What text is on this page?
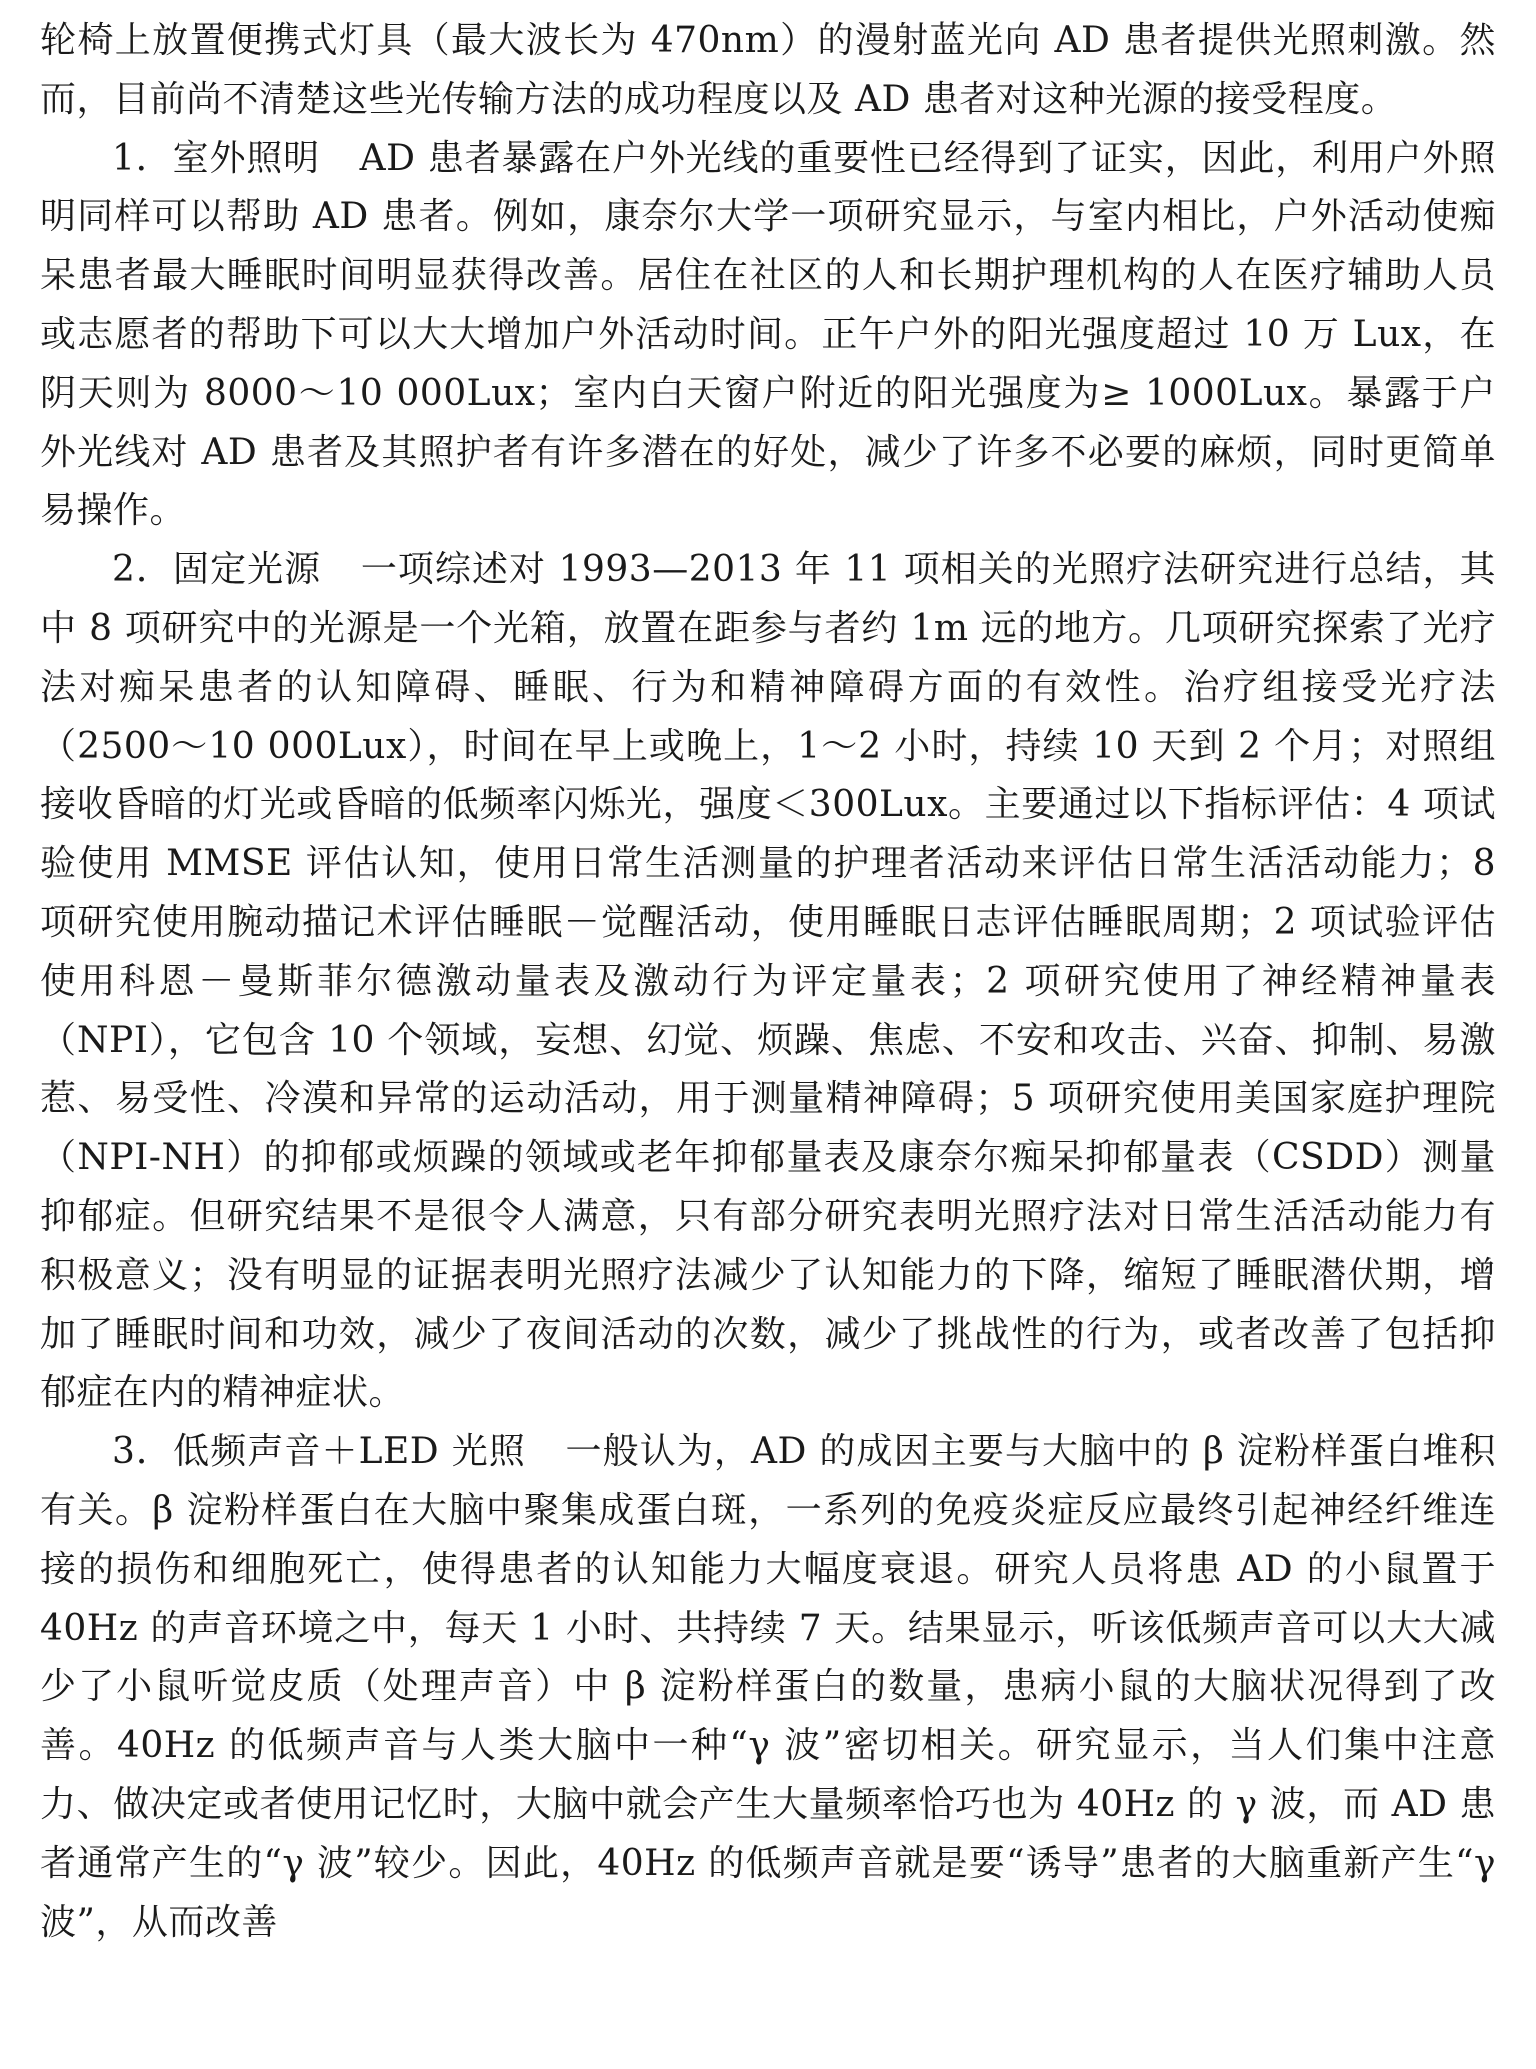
轮椅上放置便携式灯具（最大波长为 470nm）的漫射蓝光向 AD 患者提供光照刺激。然而，目前尚不清楚这些光传输方法的成功程度以及 AD 患者对这种光源的接受程度。

1．室外照明 AD 患者暴露在户外光线的重要性已经得到了证实，因此，利用户外照明同样可以帮助 AD 患者。例如，康奈尔大学一项研究显示，与室内相比，户外活动使痴呆患者最大睡眠时间明显获得改善。居住在社区的人和长期护理机构的人在医疗辅助人员或志愿者的帮助下可以大大增加户外活动时间。正午户外的阳光强度超过 10 万 Lux，在阴天则为 8000～10 000Lux；室内白天窗户附近的阳光强度为≥ 1000Lux。暴露于户外光线对 AD 患者及其照护者有许多潜在的好处，减少了许多不必要的麻烦，同时更简单易操作。

2．固定光源 一项综述对 1993—2013 年 11 项相关的光照疗法研究进行总结，其中 8 项研究中的光源是一个光箱，放置在距参与者约 1m 远的地方。几项研究探索了光疗法对痴呆患者的认知障碍、睡眠、行为和精神障碍方面的有效性。治疗组接受光疗法（2500～10 000Lux），时间在早上或晚上，1～2 小时，持续 10 天到 2 个月；对照组接收昏暗的灯光或昏暗的低频率闪烁光，强度＜300Lux。主要通过以下指标评估：4 项试验使用 MMSE 评估认知，使用日常生活测量的护理者活动来评估日常生活活动能力；8 项研究使用腕动描记术评估睡眠－觉醒活动，使用睡眠日志评估睡眠周期；2 项试验评估使用科恩－曼斯菲尔德激动量表及激动行为评定量表；2 项研究使用了神经精神量表（NPI），它包含 10 个领域，妄想、幻觉、烦躁、焦虑、不安和攻击、兴奋、抑制、易激惹、易受性、冷漠和异常的运动活动，用于测量精神障碍；5 项研究使用美国家庭护理院（NPI-NH）的抑郁或烦躁的领域或老年抑郁量表及康奈尔痴呆抑郁量表（CSDD）测量抑郁症。但研究结果不是很令人满意，只有部分研究表明光照疗法对日常生活活动能力有积极意义；没有明显的证据表明光照疗法减少了认知能力的下降，缩短了睡眠潜伏期，增加了睡眠时间和功效，减少了夜间活动的次数，减少了挑战性的行为，或者改善了包括抑郁症在内的精神症状。

3．低频声音＋LED 光照 一般认为，AD 的成因主要与大脑中的 β 淀粉样蛋白堆积有关。β 淀粉样蛋白在大脑中聚集成蛋白斑，一系列的免疫炎症反应最终引起神经纤维连接的损伤和细胞死亡，使得患者的认知能力大幅度衰退。研究人员将患 AD 的小鼠置于 40Hz 的声音环境之中，每天 1 小时、共持续 7 天。结果显示，听该低频声音可以大大减少了小鼠听觉皮质（处理声音）中 β 淀粉样蛋白的数量，患病小鼠的大脑状况得到了改善。40Hz 的低频声音与人类大脑中一种“γ 波”密切相关。研究显示，当人们集中注意力、做决定或者使用记忆时，大脑中就会产生大量频率恰巧也为 40Hz 的 γ 波，而 AD 患者通常产生的“γ 波”较少。因此，40Hz 的低频声音就是要“诱导”患者的大脑重新产生“γ 波”，从而改善
